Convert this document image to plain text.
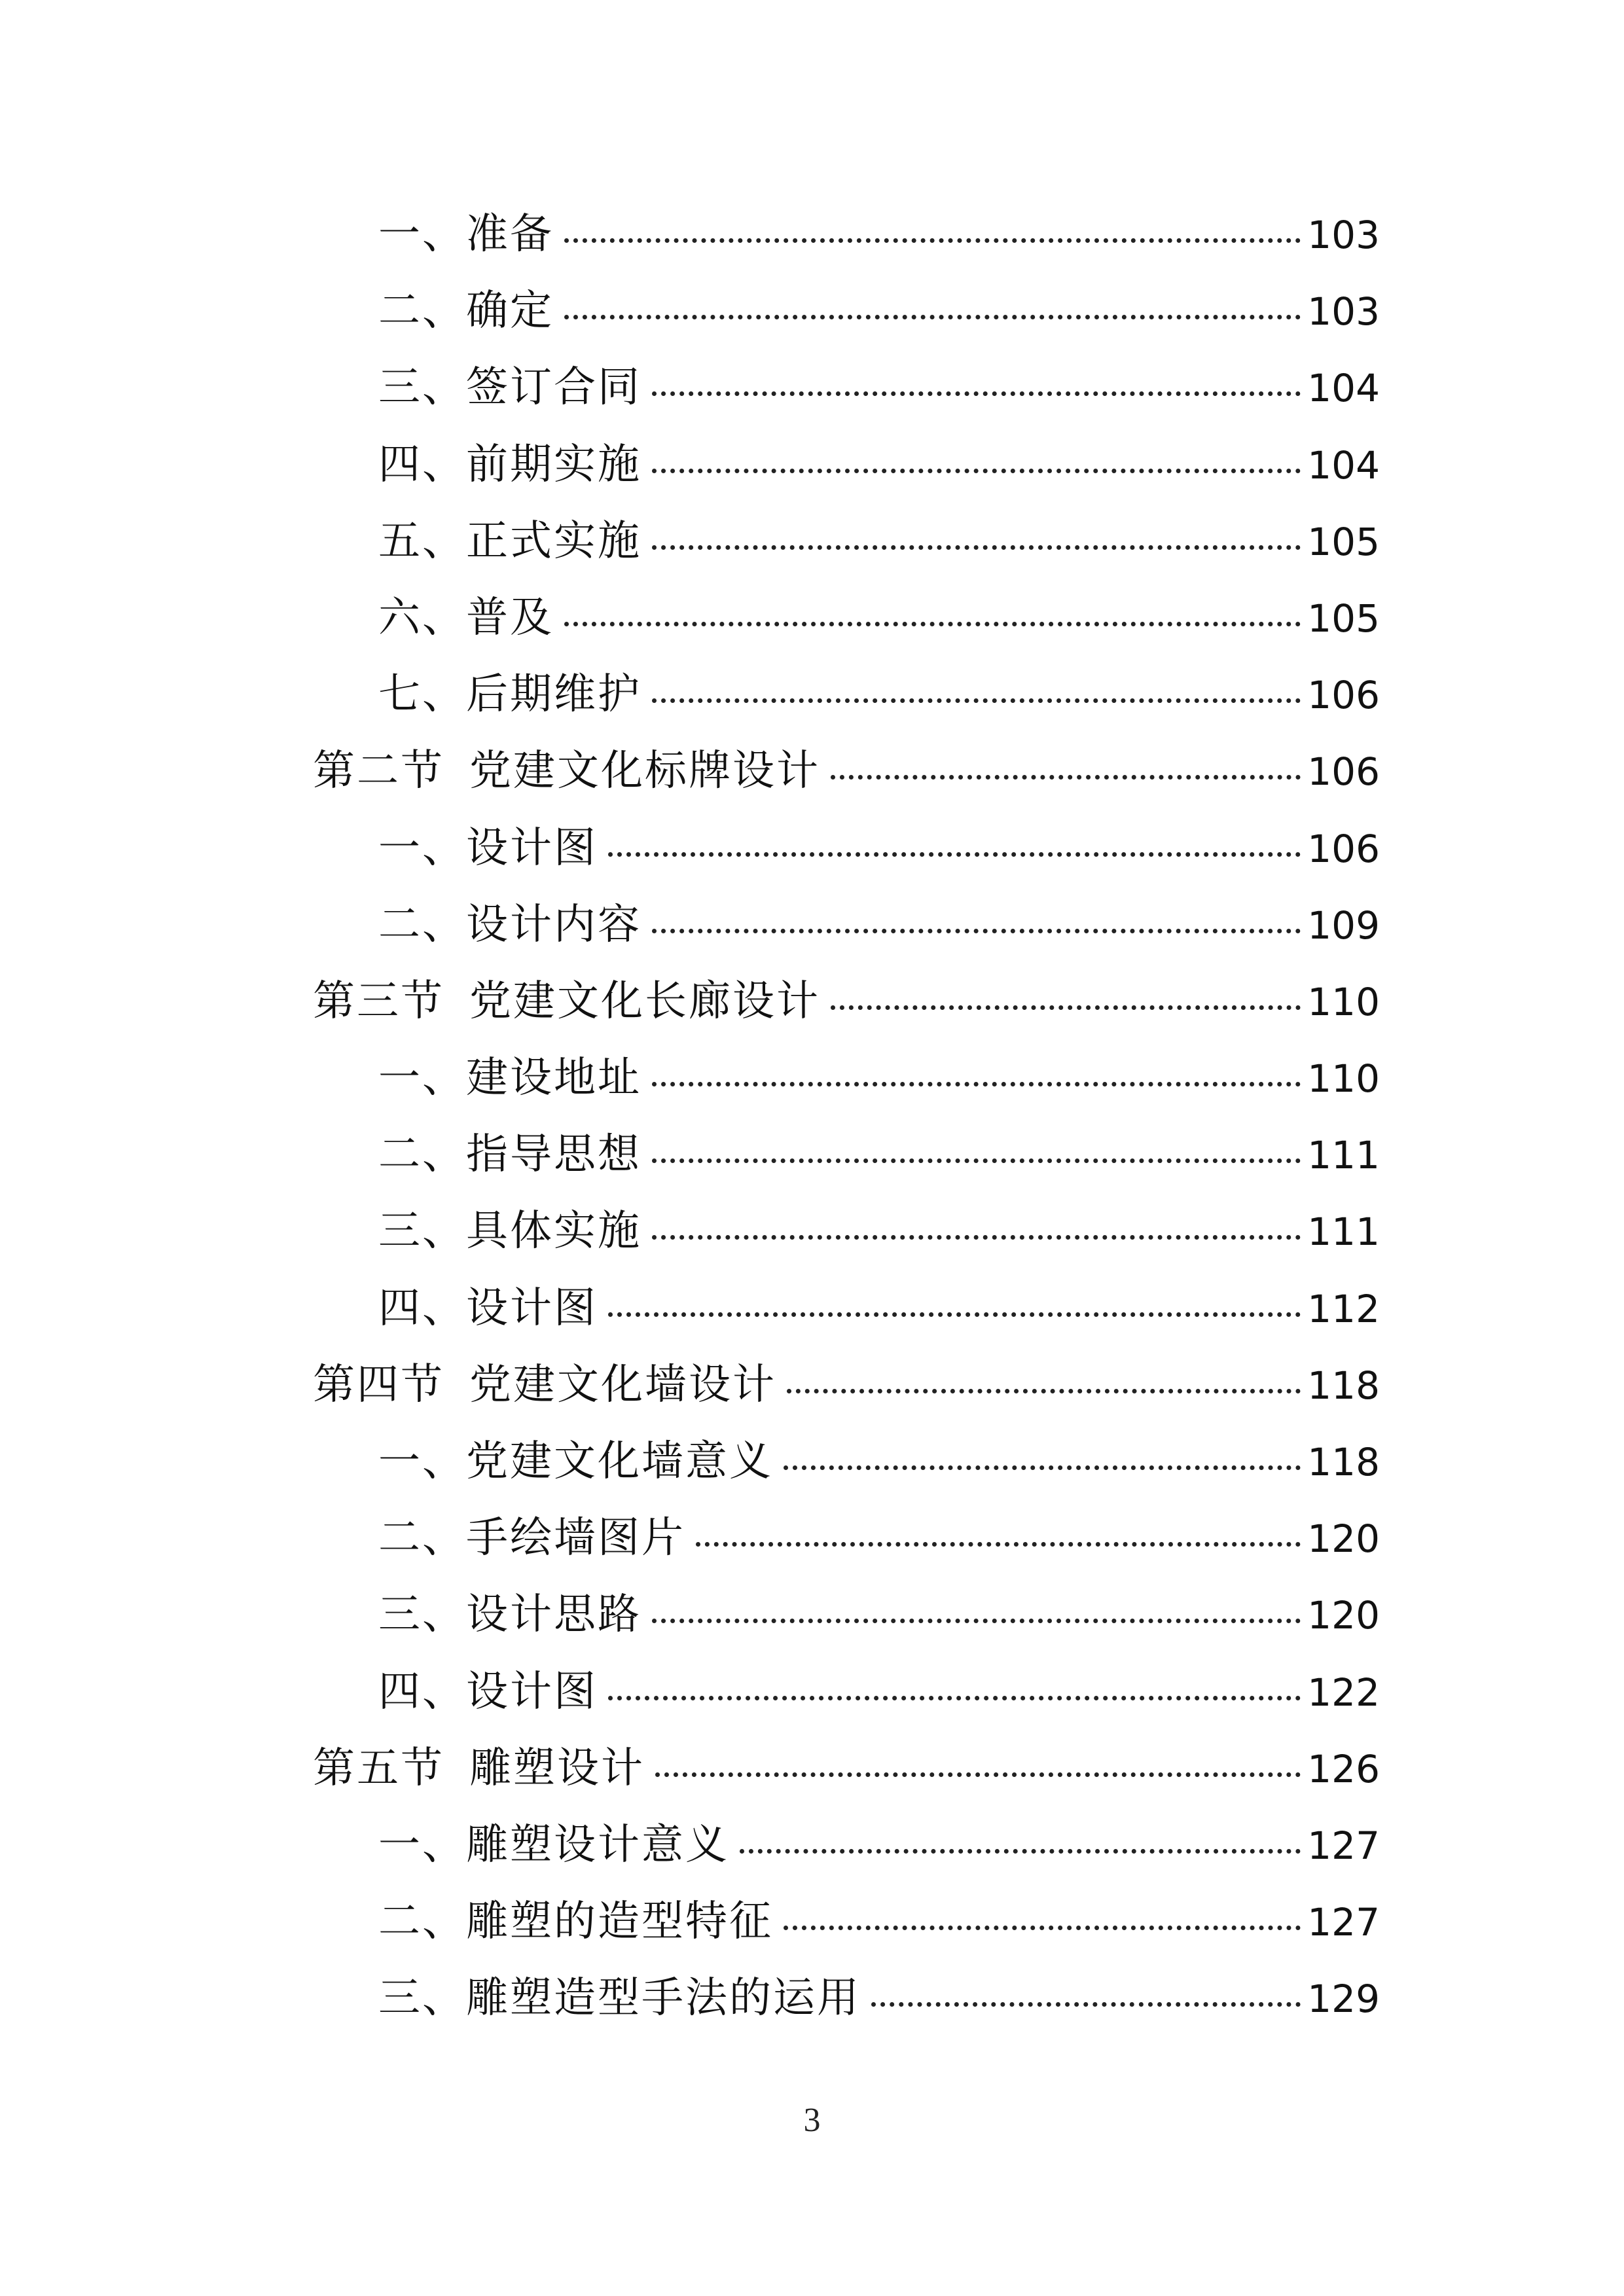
一、准备	103
二、确定	103
三、签订合同	104
四、前期实施	104
五、正式实施	105
六、普及	105
七、后期维护	106
第二节 党建文化标牌设计	106
一、设计图	106
二、设计内容	109
第三节 党建文化长廊设计	110
一、建设地址	110
二、指导思想	111
三、具体实施	111
四、设计图	112
第四节 党建文化墙设计	118
一、党建文化墙意义	118
二、手绘墙图片	120
三、设计思路	120
四、设计图	122
第五节 雕塑设计	126
一、雕塑设计意义	127
二、雕塑的造型特征	127
三、雕塑造型手法的运用	129
3
